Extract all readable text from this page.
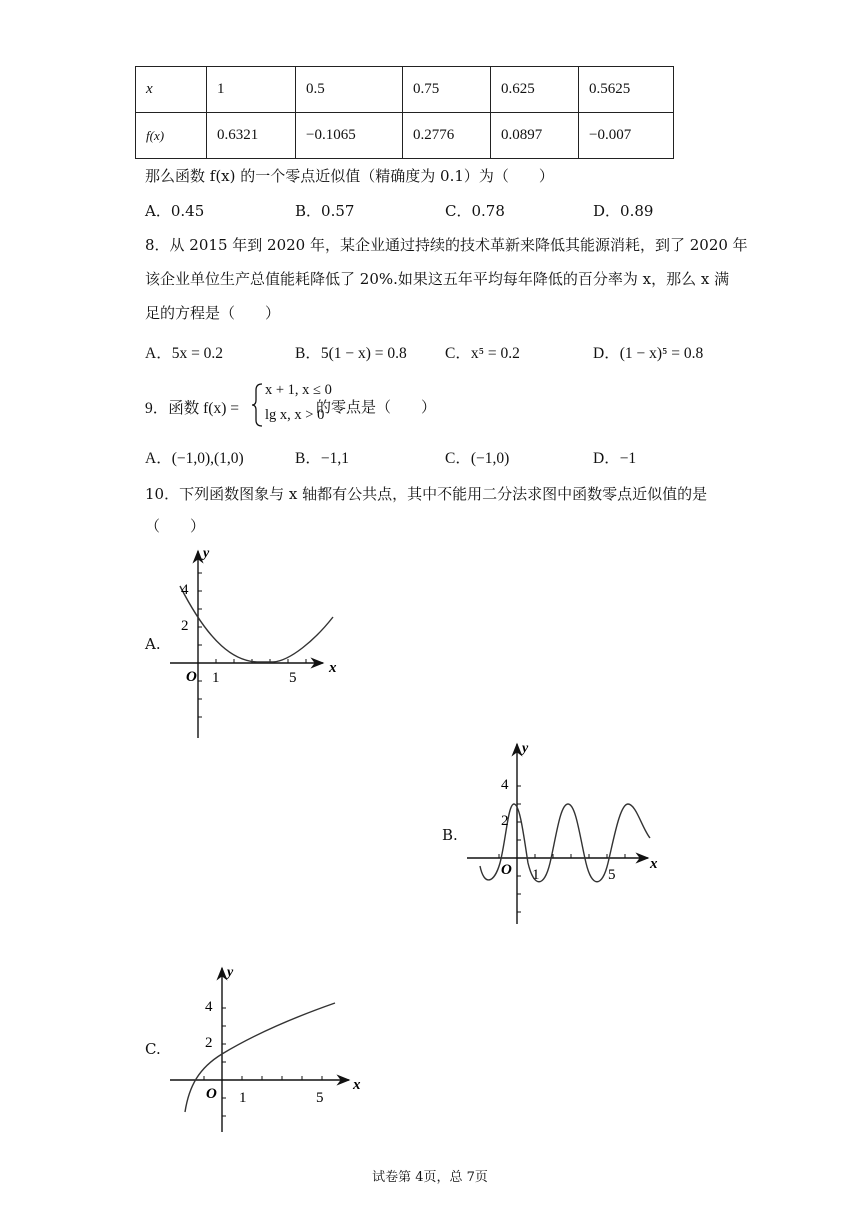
x	1	0.5	0.75	0.625	0.5625
f(x)	0.6321	−0.1065	0.2776	0.0897	−0.007
那么函数 f(x) 的一个零点近似值（精确度为 0.1）为（　　）
A．0.45	B．0.57	C．0.78	D．0.89
8．从 2015 年到 2020 年，某企业通过持续的技术革新来降低其能源消耗，到了 2020 年
该企业单位生产总值能耗降低了 20%.如果这五年平均每年降低的百分率为 x，那么 x 满
足的方程是（　　）
A．5x = 0.2	B．5(1 − x) = 0.8 C．x⁵ = 0.2	D．(1 − x)⁵ = 0.8
9．函数 f(x) =
x + 1, x ≤ 0
lg x, x > 0
的零点是（　　）
A．(−1,0),(1,0)	B．−1,1	C．(−1,0)	D．−1
10．下列函数图象与 x 轴都有公共点，其中不能用二分法求图中函数零点近似值的是
（　　）
A.
O 1	5
2
4
x
y
B.
O 1	5
2
4
x
y
C.
O 1	5
2
4
x
y
试卷第 4页，总 7页
